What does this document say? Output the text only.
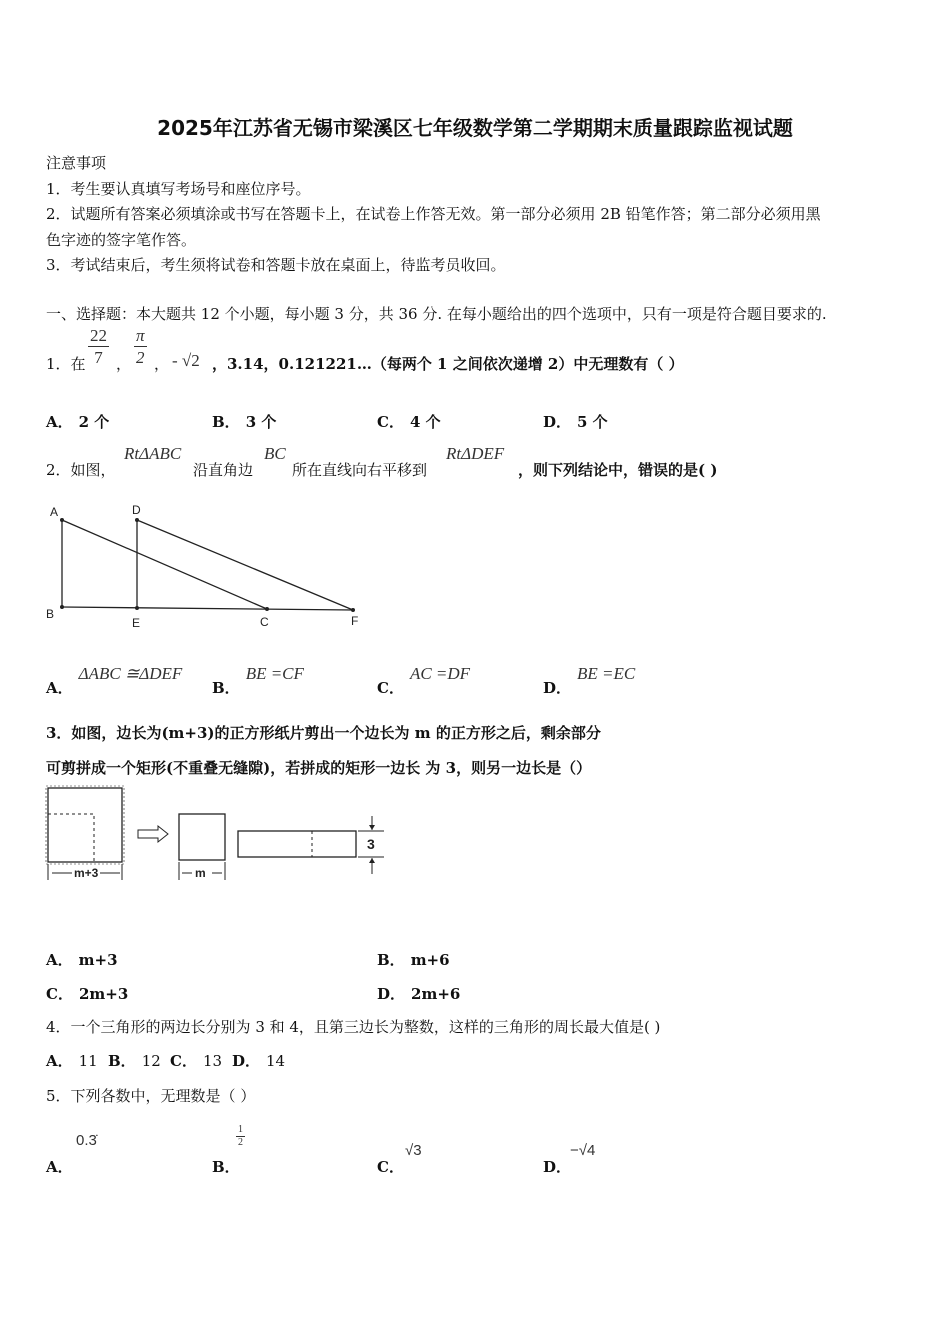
2025年江苏省无锡市梁溪区七年级数学第二学期期末质量跟踪监视试题
注意事项
1．考生要认真填写考场号和座位序号。
2．试题所有答案必须填涂或书写在答题卡上，在试卷上作答无效。第一部分必须用 2B 铅笔作答；第二部分必须用黑
色字迹的签字笔作答。
3．考试结束后，考生须将试卷和答题卡放在桌面上，待监考员收回。
一、选择题：本大题共 12 个小题，每小题 3 分，共 36 分. 在每小题给出的四个选项中，只有一项是符合题目要求的.
1．在 $\frac{22}{7}$ ， $\frac{\pi}{2}$ ， - √2 ，3.14，0.121221…（每两个 1 之间依次递增 2）中无理数有（ ）
A． 2 个	B． 3 个	C． 4 个	D． 5 个
2．如图，
RtΔABC
沿直角边
BC
所在直线向右平移到
RtΔDEF
，则下列结论中，错误的是( )
A	D
B
E	C	F
A．ΔABC ≅ΔDEF
B．BE =CF
C．AC =DF
D．BE =EC
3．如图，边长为(m+3)的正方形纸片剪出一个边长为 m 的正方形之后，剩余部分
可剪拼成一个矩形(不重叠无缝隙)，若拼成的矩形一边长 为 3，则另一边长是（）
m+3	m
3
A． m+3	B． m+6
C． 2m+3	D． 2m+6
4．一个三角形的两边长分别为 3 和 4，且第三边长为整数，这样的三角形的周长最大值是( )
A． 11 B． 12 C． 13 D． 14
5．下列各数中，无理数是（ ）
A．
0.3̇
B．
$\frac{1}{2}$
C．
√3
D．
−√4
